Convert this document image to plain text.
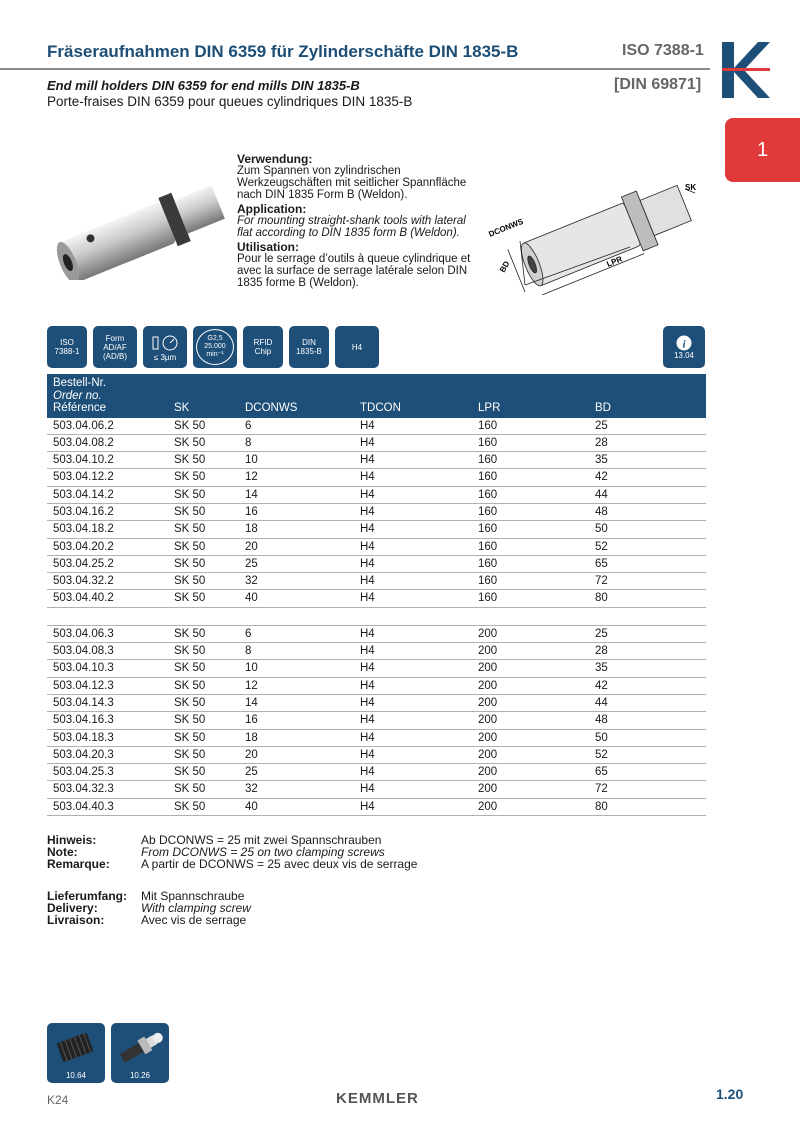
Fräseraufnahmen DIN 6359 für Zylinderschäfte DIN 1835-B	ISO 7388-1
End mill holders DIN 6359 for end mills DIN 1835-B	[DIN 69871]
Porte-fraises DIN 6359 pour queues cylindriques DIN 1835-B
1
Verwendung:
Zum Spannen von zylindrischen Werkzeugschäften mit seitlicher Spannfläche nach DIN 1835 Form B (Weldon).
Application:
For mounting straight-shank tools with lateral flat according to DIN 1835 form B (Weldon).
Utilisation:
Pour le serrage d’outils à queue cylindrique et avec la surface de serrage latérale selon DIN 1835 forme B (Weldon).
DCONWS
BD	LPR
SK
ISO
7388-1
Form
AD/AF
(AD/B)	≤ 3µm
G2,5
25.000
min⁻¹
RFID
Chip
DIN
1835-B	H4	i
13.04
Bestell-Nr.
Order no.
Référence	SK	DCONWS	TDCON	LPR	BD
503.04.06.2	SK 50	6	H4	160	25
503.04.08.2	SK 50	8	H4	160	28
503.04.10.2	SK 50	10	H4	160	35
503.04.12.2	SK 50	12	H4	160	42
503.04.14.2	SK 50	14	H4	160	44
503.04.16.2	SK 50	16	H4	160	48
503.04.18.2	SK 50	18	H4	160	50
503.04.20.2	SK 50	20	H4	160	52
503.04.25.2	SK 50	25	H4	160	65
503.04.32.2	SK 50	32	H4	160	72
503.04.40.2	SK 50	40	H4	160	80

503.04.06.3	SK 50	6	H4	200	25
503.04.08.3	SK 50	8	H4	200	28
503.04.10.3	SK 50	10	H4	200	35
503.04.12.3	SK 50	12	H4	200	42
503.04.14.3	SK 50	14	H4	200	44
503.04.16.3	SK 50	16	H4	200	48
503.04.18.3	SK 50	18	H4	200	50
503.04.20.3	SK 50	20	H4	200	52
503.04.25.3	SK 50	25	H4	200	65
503.04.32.3	SK 50	32	H4	200	72
503.04.40.3	SK 50	40	H4	200	80
Hinweis:	Ab DCONWS = 25 mit zwei Spannschrauben
Note:	From DCONWS = 25 on two clamping screws
Remarque:	A partir de DCONWS = 25 avec deux vis de serrage
Lieferumfang: Mit Spannschraube
Delivery:	With clamping screw
Livraison:	Avec vis de serrage
10.64	10.26
K24	KEMMLER	1.20
